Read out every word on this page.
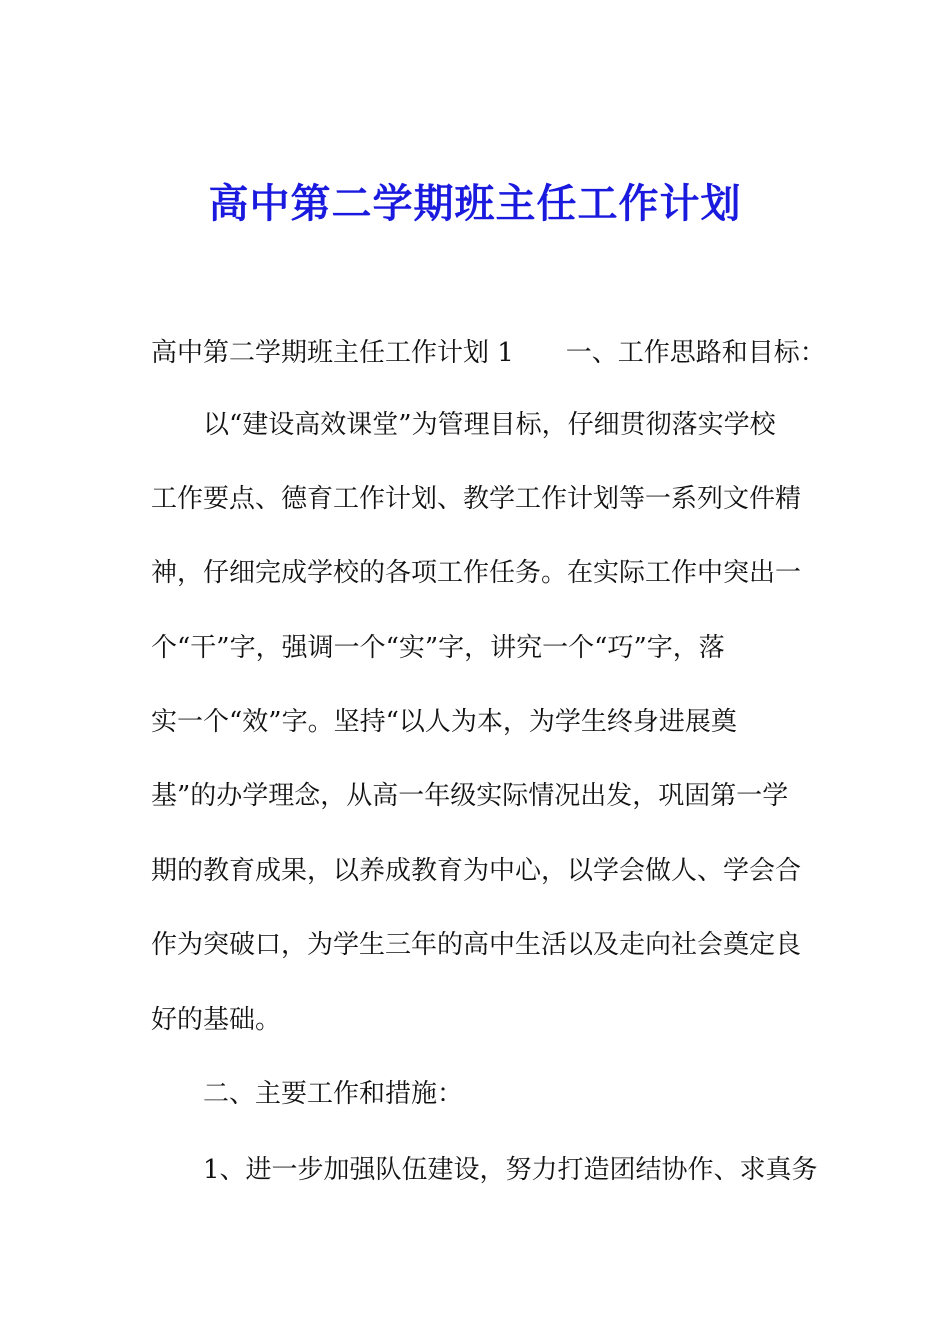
高中第二学期班主任工作计划

高中第二学期班主任工作计划 1　　一、工作思路和目标：

以“建设高效课堂”为管理目标，仔细贯彻落实学校

工作要点、德育工作计划、教学工作计划等一系列文件精

神，仔细完成学校的各项工作任务。在实际工作中突出一

个“干”字，强调一个“实”字，讲究一个“巧”字，落

实一个“效”字。坚持“以人为本，为学生终身进展奠

基”的办学理念，从高一年级实际情况出发，巩固第一学

期的教育成果，以养成教育为中心，以学会做人、学会合

作为突破口，为学生三年的高中生活以及走向社会奠定良

好的基础。

二、主要工作和措施：

1、进一步加强队伍建设，努力打造团结协作、求真务
